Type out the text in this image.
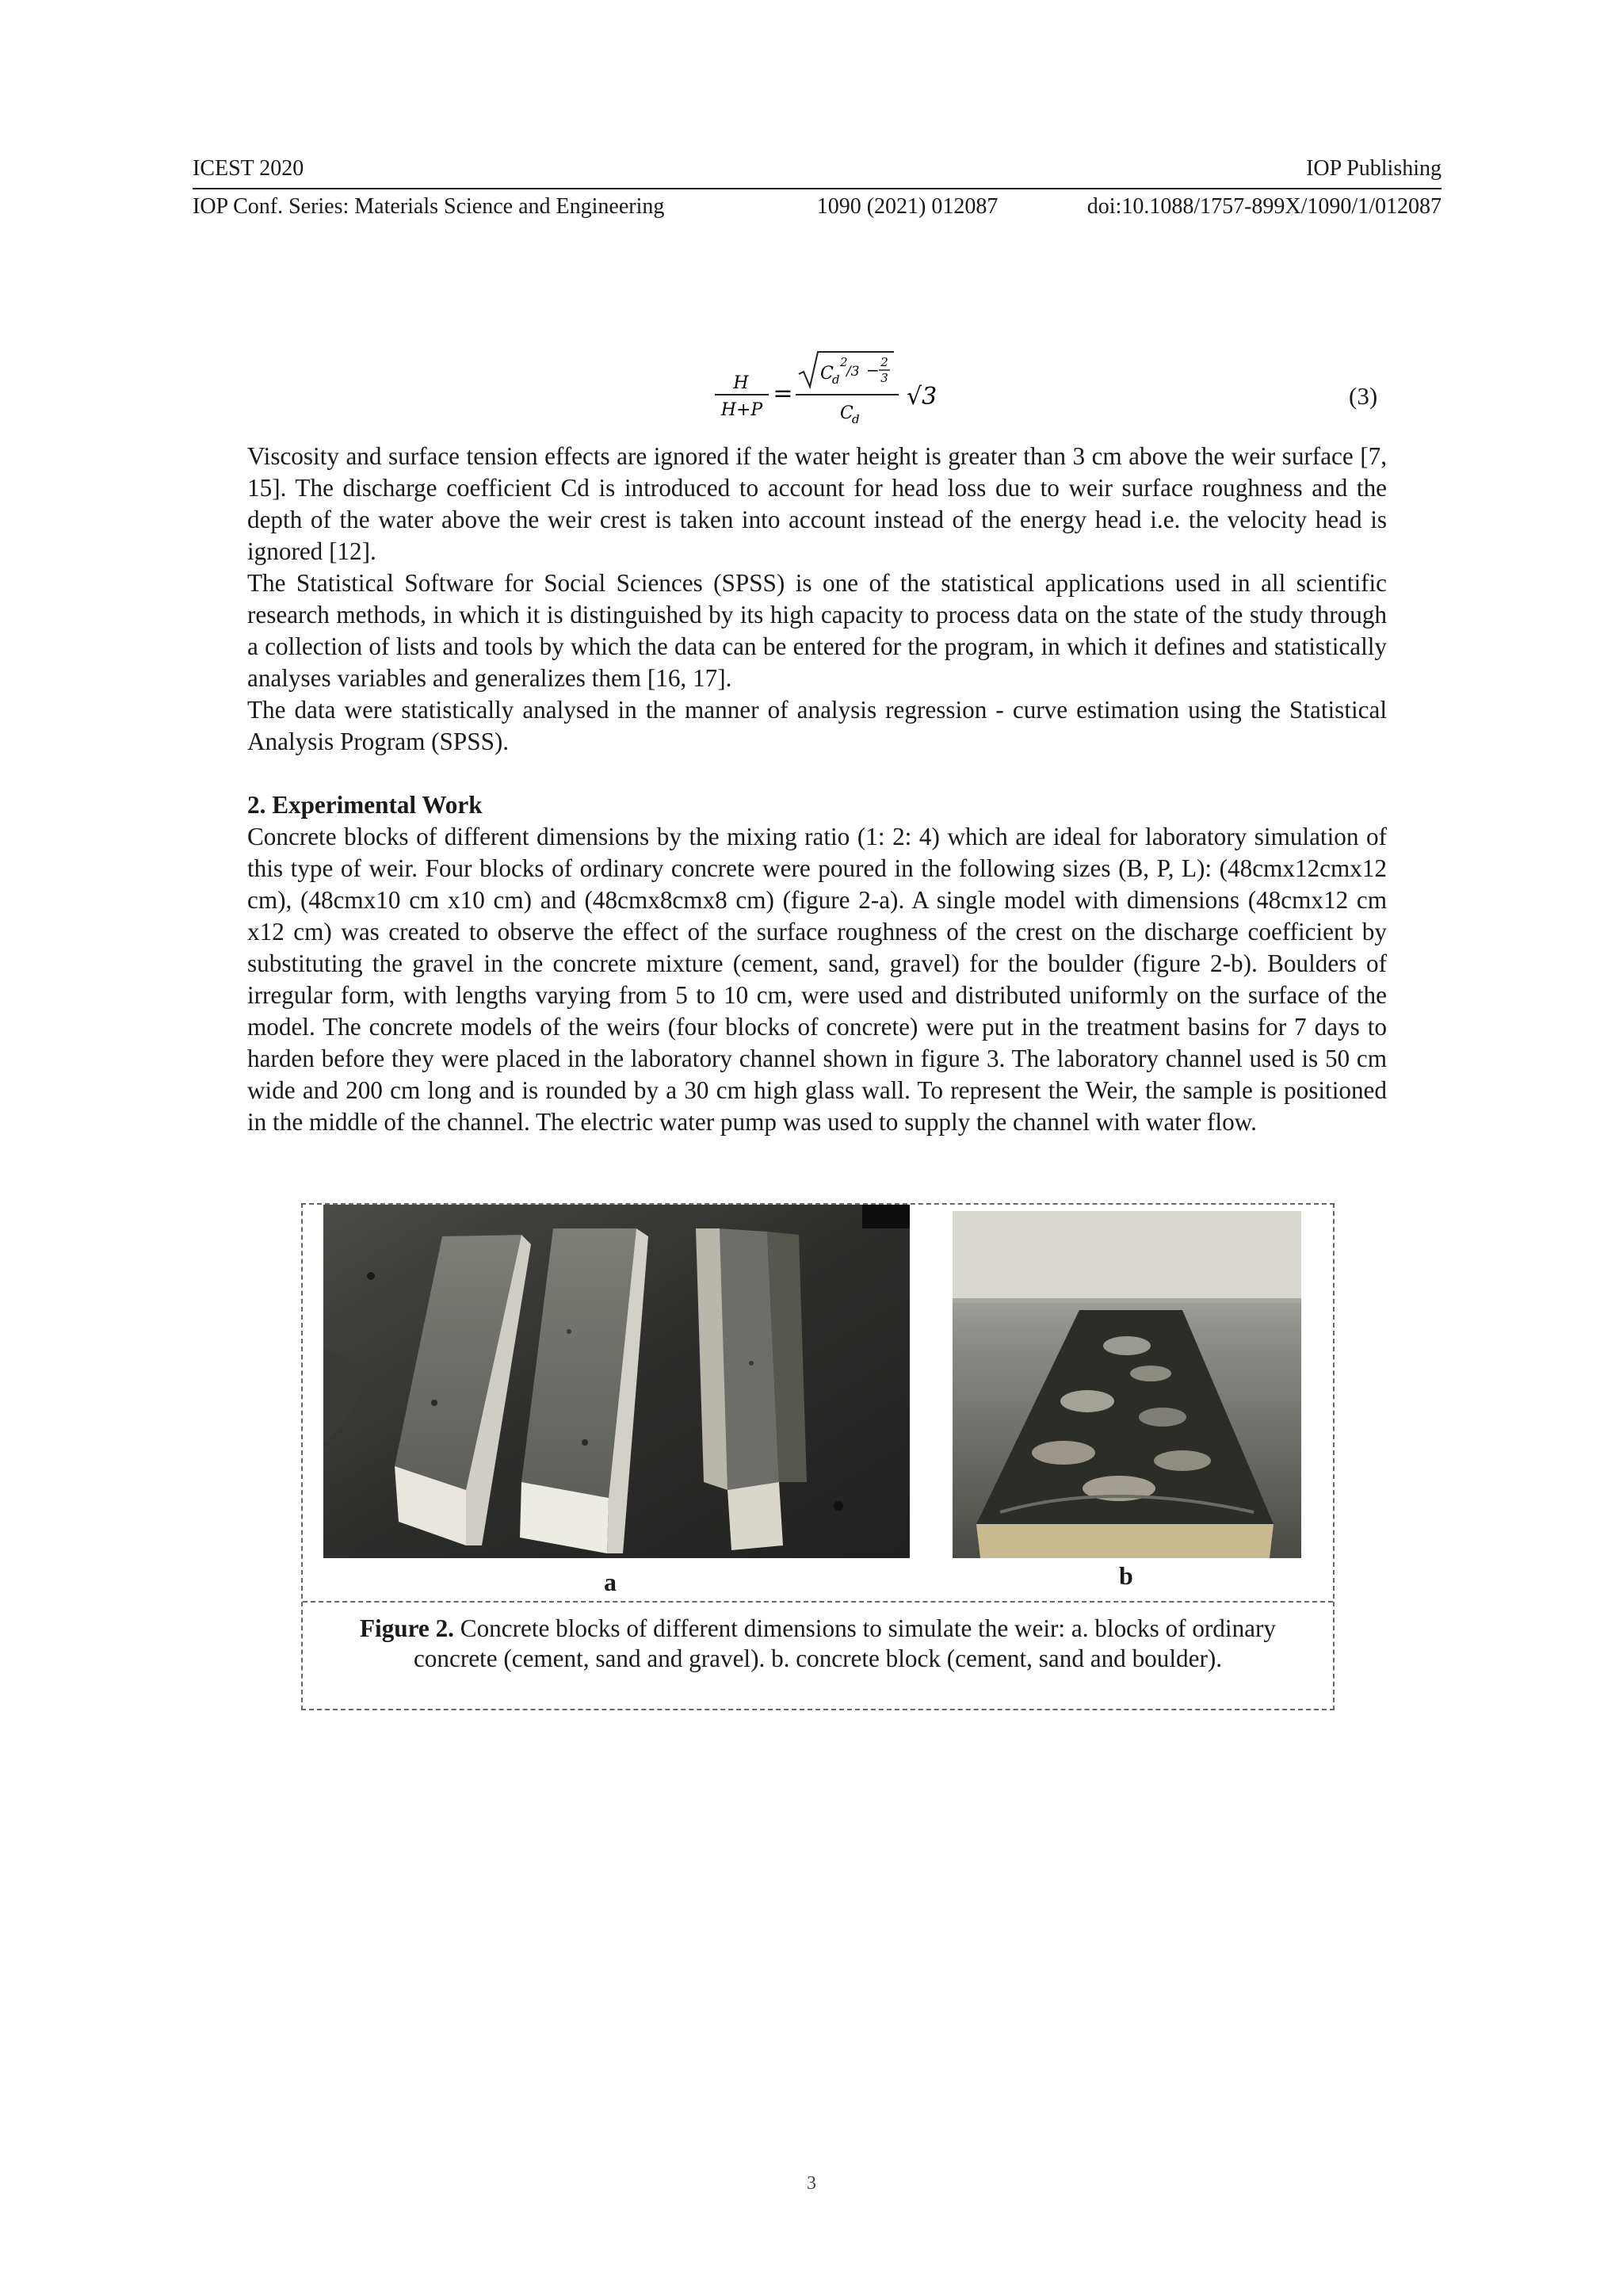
ICEST 2020	IOP Publishing
IOP Conf. Series: Materials Science and Engineering	1090 (2021) 012087	doi:10.1088/1757-899X/1090/1/012087
H
H+P
=
C
d
2
/3 − 2
3
C
d
√3	(3)

Viscosity and surface tension effects are ignored if the water height is greater than 3 cm above the weir surface [7, 15]. The discharge coefficient Cd is introduced to account for head loss due to weir surface roughness and the depth of the water above the weir crest is taken into account instead of the energy head i.e. the velocity head is ignored [12].

The Statistical Software for Social Sciences (SPSS) is one of the statistical applications used in all scientific research methods, in which it is distinguished by its high capacity to process data on the state of the study through a collection of lists and tools by which the data can be entered for the program, in which it defines and statistically analyses variables and generalizes them [16, 17].

The data were statistically analysed in the manner of analysis regression - curve estimation using the Statistical Analysis Program (SPSS).

2. Experimental Work

Concrete blocks of different dimensions by the mixing ratio (1: 2: 4) which are ideal for laboratory simulation of this type of weir. Four blocks of ordinary concrete were poured in the following sizes (B, P, L): (48cmx12cmx12 cm), (48cmx10 cm x10 cm) and (48cmx8cmx8 cm) (figure 2-a). A single model with dimensions (48cmx12 cm x12 cm) was created to observe the effect of the surface roughness of the crest on the discharge coefficient by substituting the gravel in the concrete mixture (cement, sand, gravel) for the boulder (figure 2-b). Boulders of irregular form, with lengths varying from 5 to 10 cm, were used and distributed uniformly on the surface of the model. The concrete models of the weirs (four blocks of concrete) were put in the treatment basins for 7 days to harden before they were placed in the laboratory channel shown in figure 3. The laboratory channel used is 50 cm wide and 200 cm long and is rounded by a 30 cm high glass wall. To represent the Weir, the sample is positioned in the middle of the channel. The electric water pump was used to supply the channel with water flow.

a	b
Figure 2. Concrete blocks of different dimensions to simulate the weir: a. blocks of ordinary concrete (cement, sand and gravel). b. concrete block (cement, sand and boulder).
3
